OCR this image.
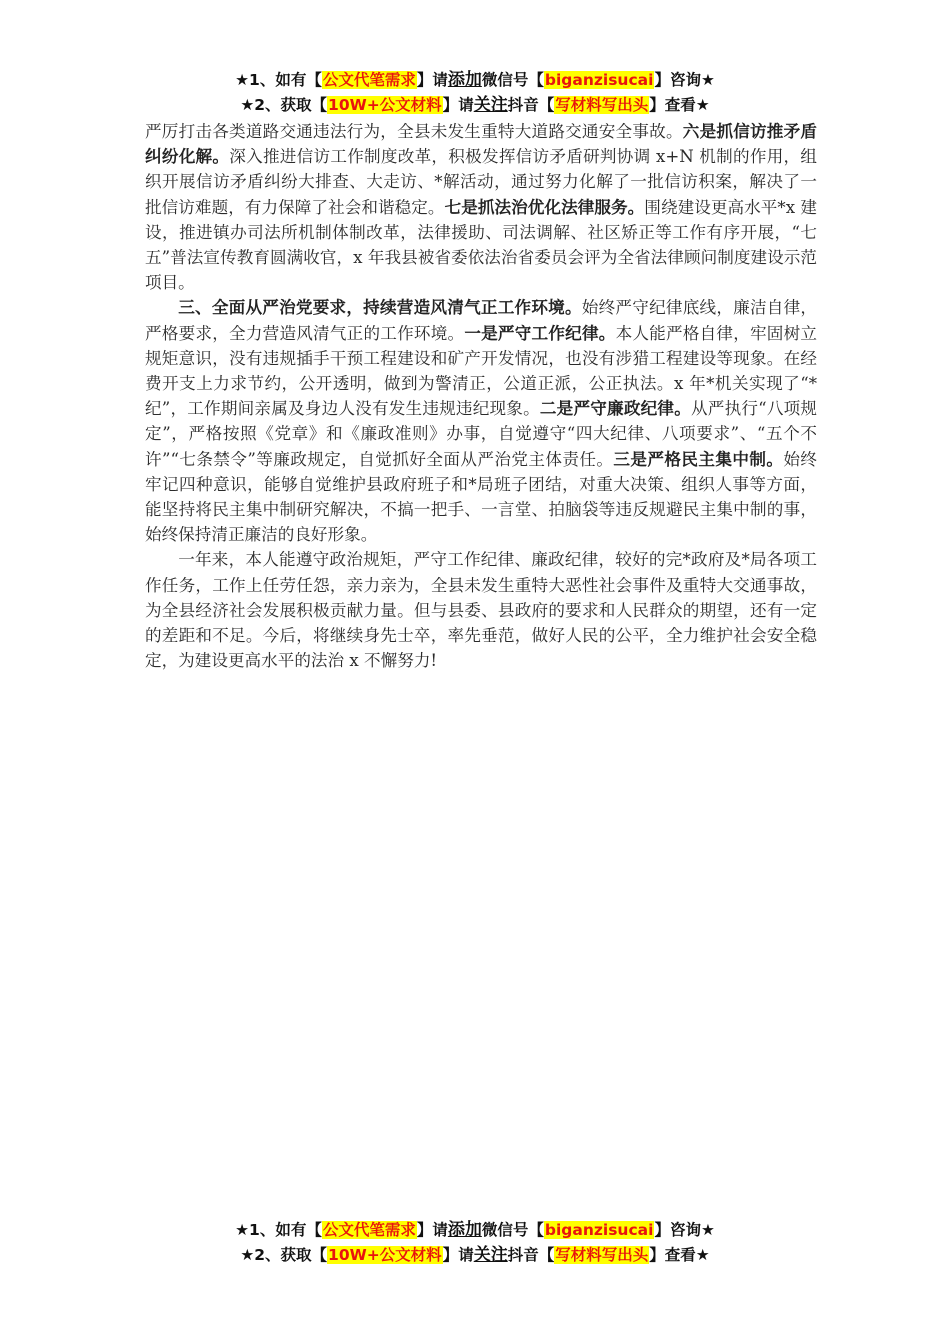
★1、如有【公文代笔需求】请添加微信号【biganzisucai】咨询★
★2、获取【10W+公文材料】请关注抖音【写材料写出头】查看★

严厉打击各类道路交通违法行为，全县未发生重特大道路交通安全事故。六是抓信访推矛盾纠纷化解。深入推进信访工作制度改革，积极发挥信访矛盾研判协调 x+N 机制的作用，组织开展信访矛盾纠纷大排查、大走访、*解活动，通过努力化解了一批信访积案，解决了一批信访难题，有力保障了社会和谐稳定。七是抓法治优化法律服务。围绕建设更高水平*x 建设，推进镇办司法所机制体制改革，法律援助、司法调解、社区矫正等工作有序开展，“七五”普法宣传教育圆满收官，x 年我县被省委依法治省委员会评为全省法律顾问制度建设示范项目。

三、全面从严治党要求，持续营造风清气正工作环境。始终严守纪律底线，廉洁自律，严格要求，全力营造风清气正的工作环境。一是严守工作纪律。本人能严格自律，牢固树立规矩意识，没有违规插手干预工程建设和矿产开发情况，也没有涉猎工程建设等现象。在经费开支上力求节约，公开透明，做到为警清正，公道正派，公正执法。x 年*机关实现了“*纪”，工作期间亲属及身边人没有发生违规违纪现象。二是严守廉政纪律。从严执行“八项规定”，严格按照《党章》和《廉政准则》办事，自觉遵守“四大纪律、八项要求”、“五个不许”“七条禁令”等廉政规定，自觉抓好全面从严治党主体责任。三是严格民主集中制。始终牢记四种意识，能够自觉维护县政府班子和*局班子团结，对重大决策、组织人事等方面，能坚持将民主集中制研究解决，不搞一把手、一言堂、拍脑袋等违反规避民主集中制的事，始终保持清正廉洁的良好形象。

一年来，本人能遵守政治规矩，严守工作纪律、廉政纪律，较好的完*政府及*局各项工作任务，工作上任劳任怨，亲力亲为，全县未发生重特大恶性社会事件及重特大交通事故，为全县经济社会发展积极贡献力量。但与县委、县政府的要求和人民群众的期望，还有一定的差距和不足。今后，将继续身先士卒，率先垂范，做好人民的公平，全力维护社会安全稳定，为建设更高水平的法治 x 不懈努力!

★1、如有【公文代笔需求】请添加微信号【biganzisucai】咨询★
★2、获取【10W+公文材料】请关注抖音【写材料写出头】查看★
